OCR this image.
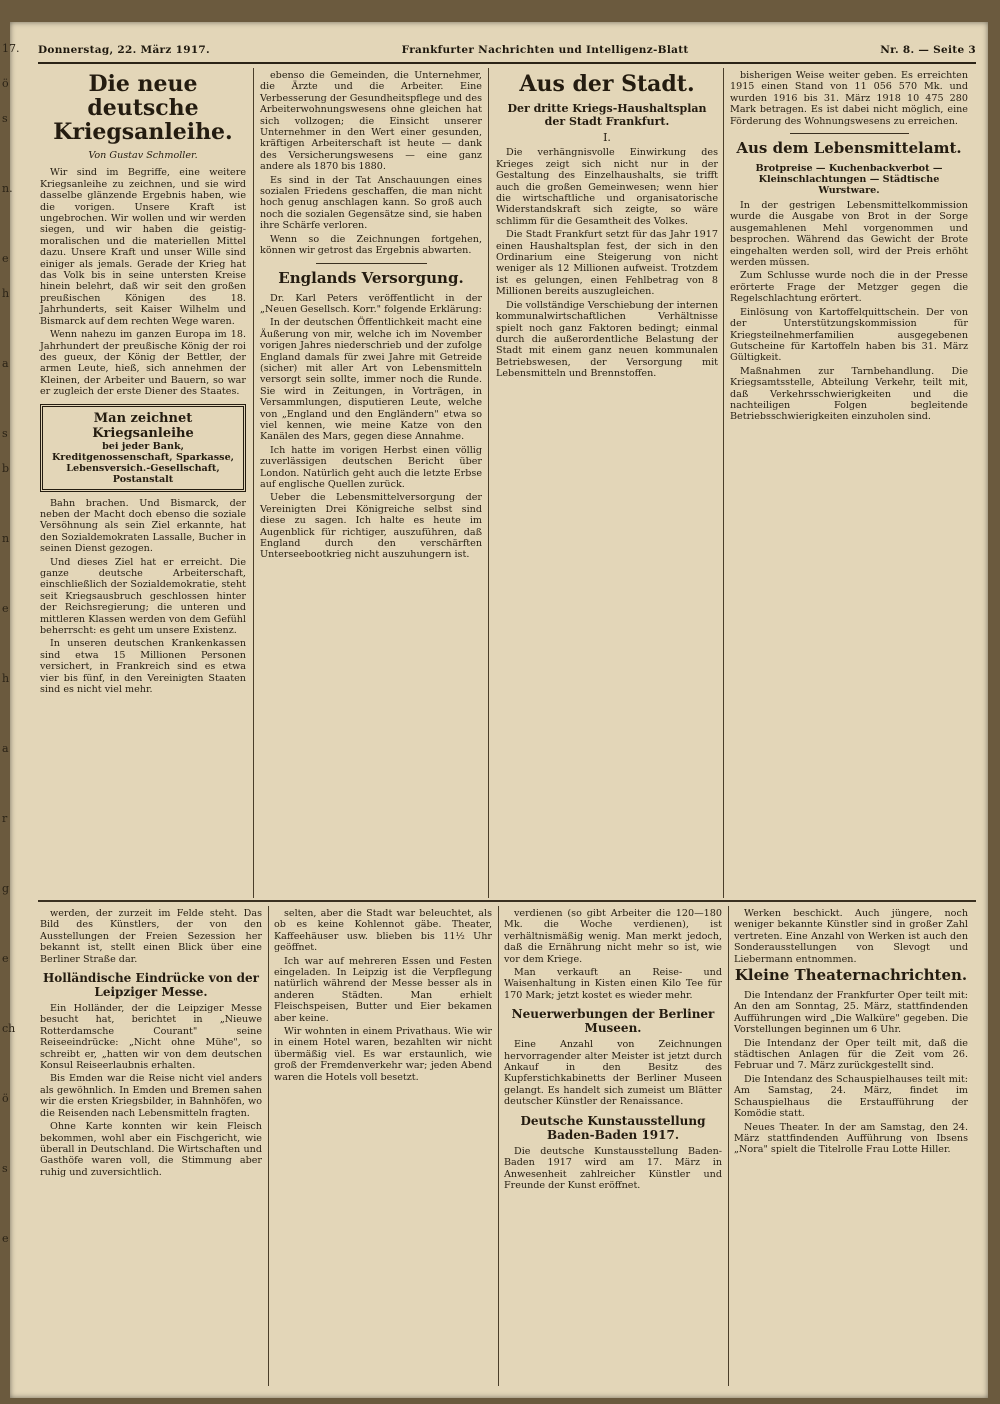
17.
ö
s

n.

e
h

a

s
b

n

e

h

a

r

g

e

ch

ö

s

e
Donnerstag, 22. März 1917.	Frankfurter Nachrichten und Intelligenz-Blatt	Nr. 8. — Seite 3
Die neue deutsche Kriegsanleihe.
Von Gustav Schmoller.

Wir sind im Begriffe, eine weitere Kriegsanleihe zu zeichnen, und sie wird dasselbe glänzende Ergebnis haben, wie die vorigen. Unsere Kraft ist ungebrochen. Wir wollen und wir werden siegen, und wir haben die geistig-moralischen und die materiellen Mittel dazu. Unsere Kraft und unser Wille sind einiger als jemals. Gerade der Krieg hat das Volk bis in seine untersten Kreise hinein belehrt, daß wir seit den großen preußischen Königen des 18. Jahrhunderts, seit Kaiser Wilhelm und Bismarck auf dem rechten Wege waren.

Wenn nahezu im ganzen Europa im 18. Jahrhundert der preußische König der roi des gueux, der König der Bettler, der armen Leute, hieß, sich annehmen der Kleinen, der Arbeiter und Bauern, so war er zugleich der erste Diener des Staates.

Man zeichnet Kriegsanleihe
bei jeder Bank, Kreditgenossenschaft, Sparkasse, Lebensversich.-Gesellschaft, Postanstalt

Bahn brachen. Und Bismarck, der neben der Macht doch ebenso die soziale Versöhnung als sein Ziel erkannte, hat den Sozialdemokraten Lassalle, Bucher in seinen Dienst gezogen.

Und dieses Ziel hat er erreicht. Die ganze deutsche Arbeiterschaft, einschließlich der Sozialdemokratie, steht seit Kriegsausbruch geschlossen hinter der Reichsregierung; die unteren und mittleren Klassen werden von dem Gefühl beherrscht: es geht um unsere Existenz.

In unseren deutschen Krankenkassen sind etwa 15 Millionen Personen versichert, in Frankreich sind es etwa vier bis fünf, in den Vereinigten Staaten sind es nicht viel mehr.

ebenso die Gemeinden, die Unternehmer, die Ärzte und die Arbeiter. Eine Verbesserung der Gesundheitspflege und des Arbeiterwohnungswesens ohne gleichen hat sich vollzogen; die Einsicht unserer Unternehmer in den Wert einer gesunden, kräftigen Arbeiterschaft ist heute — dank des Versicherungswesens — eine ganz andere als 1870 bis 1880.

Es sind in der Tat Anschauungen eines sozialen Friedens geschaffen, die man nicht hoch genug anschlagen kann. So groß auch noch die sozialen Gegensätze sind, sie haben ihre Schärfe verloren.

Wenn so die Zeichnungen fortgehen, können wir getrost das Ergebnis abwarten.

Englands Versorgung.

Dr. Karl Peters veröffentlicht in der „Neuen Gesellsch. Korr." folgende Erklärung:

In der deutschen Öffentlichkeit macht eine Äußerung von mir, welche ich im November vorigen Jahres niederschrieb und der zufolge England damals für zwei Jahre mit Getreide (sicher) mit aller Art von Lebensmitteln versorgt sein sollte, immer noch die Runde. Sie wird in Zeitungen, in Vorträgen, in Versammlungen, disputieren Leute, welche von „England und den Engländern" etwa so viel kennen, wie meine Katze von den Kanälen des Mars, gegen diese Annahme.

Ich hatte im vorigen Herbst einen völlig zuverlässigen deutschen Bericht über London. Natürlich geht auch die letzte Erbse auf englische Quellen zurück.

Ueber die Lebensmittelversorgung der Vereinigten Drei Königreiche selbst sind diese zu sagen. Ich halte es heute im Augenblick für richtiger, auszuführen, daß England durch den verschärften Unterseebootkrieg nicht auszuhungern ist.

Aus der Stadt.
Der dritte Kriegs-Haushaltsplan der Stadt Frankfurt.
I.

Die verhängnisvolle Einwirkung des Krieges zeigt sich nicht nur in der Gestaltung des Einzelhaushalts, sie trifft auch die großen Gemeinwesen; wenn hier die wirtschaftliche und organisatorische Widerstandskraft sich zeigte, so wäre schlimm für die Gesamtheit des Volkes.

Die Stadt Frankfurt setzt für das Jahr 1917 einen Haushaltsplan fest, der sich in den Ordinarium eine Steigerung von nicht weniger als 12 Millionen aufweist. Trotzdem ist es gelungen, einen Fehlbetrag von 8 Millionen bereits auszugleichen.

Die vollständige Verschiebung der internen kommunalwirtschaftlichen Verhältnisse spielt noch ganz Faktoren bedingt; einmal durch die außerordentliche Belastung der Stadt mit einem ganz neuen kommunalen Betriebswesen, der Versorgung mit Lebensmitteln und Brennstoffen.

bisherigen Weise weiter geben. Es erreichten 1915 einen Stand von 11 056 570 Mk. und wurden 1916 bis 31. März 1918 10 475 280 Mark betragen. Es ist dabei nicht möglich, eine Förderung des Wohnungswesens zu erreichen.

Aus dem Lebensmittelamt.
Brotpreise — Kuchenbackverbot — Kleinschlachtungen — Städtische Wurstware.

In der gestrigen Lebensmittelkommission wurde die Ausgabe von Brot in der Sorge ausgemahlenen Mehl vorgenommen und besprochen. Während das Gewicht der Brote eingehalten werden soll, wird der Preis erhöht werden müssen.

Zum Schlusse wurde noch die in der Presse erörterte Frage der Metzger gegen die Regelschlachtung erörtert.

Einlösung von Kartoffelquittschein. Der von der Unterstützungskommission für Kriegsteilnehmerfamilien ausgegebenen Gutscheine für Kartoffeln haben bis 31. März Gültigkeit.

Maßnahmen zur Tarnbehandlung. Die Kriegsamtsstelle, Abteilung Verkehr, teilt mit, daß Verkehrsschwierigkeiten und die nachteiligen Folgen begleitende Betriebsschwierigkeiten einzuholen sind.

werden, der zurzeit im Felde steht. Das Bild des Künstlers, der von den Ausstellungen der Freien Sezession her bekannt ist, stellt einen Blick über eine Berliner Straße dar.

Holländische Eindrücke von der Leipziger Messe.

Ein Holländer, der die Leipziger Messe besucht hat, berichtet in „Nieuwe Rotterdamsche Courant" seine Reiseeindrücke: „Nicht ohne Mühe", so schreibt er, „hatten wir von dem deutschen Konsul Reiseerlaubnis erhalten.

Bis Emden war die Reise nicht viel anders als gewöhnlich. In Emden und Bremen sahen wir die ersten Kriegsbilder, in Bahnhöfen, wo die Reisenden nach Lebensmitteln fragten.

Ohne Karte konnten wir kein Fleisch bekommen, wohl aber ein Fischgericht, wie überall in Deutschland. Die Wirtschaften und Gasthöfe waren voll, die Stimmung aber ruhig und zuversichtlich.

selten, aber die Stadt war beleuchtet, als ob es keine Kohlennot gäbe. Theater, Kaffeehäuser usw. blieben bis 11½ Uhr geöffnet.

Ich war auf mehreren Essen und Festen eingeladen. In Leipzig ist die Verpflegung natürlich während der Messe besser als in anderen Städten. Man erhielt Fleischspeisen, Butter und Eier bekamen aber keine.

Wir wohnten in einem Privathaus. Wie wir in einem Hotel waren, bezahlten wir nicht übermäßig viel. Es war erstaunlich, wie groß der Fremdenverkehr war; jeden Abend waren die Hotels voll besetzt.

verdienen (so gibt Arbeiter die 120—180 Mk. die Woche verdienen), ist verhältnismäßig wenig. Man merkt jedoch, daß die Ernährung nicht mehr so ist, wie vor dem Kriege.

Man verkauft an Reise- und Waisenhaltung in Kisten einen Kilo Tee für 170 Mark; jetzt kostet es wieder mehr.

Neuerwerbungen der Berliner Museen.

Eine Anzahl von Zeichnungen hervorragender alter Meister ist jetzt durch Ankauf in den Besitz des Kupferstichkabinetts der Berliner Museen gelangt. Es handelt sich zumeist um Blätter deutscher Künstler der Renaissance.

Deutsche Kunstausstellung Baden-Baden 1917.

Die deutsche Kunstausstellung Baden-Baden 1917 wird am 17. März in Anwesenheit zahlreicher Künstler und Freunde der Kunst eröffnet.

Werken beschickt. Auch jüngere, noch weniger bekannte Künstler sind in großer Zahl vertreten. Eine Anzahl von Werken ist auch den Sonderausstellungen von Slevogt und Liebermann entnommen.

Kleine Theaternachrichten.

Die Intendanz der Frankfurter Oper teilt mit: An den am Sonntag, 25. März, stattfindenden Aufführungen wird „Die Walküre" gegeben. Die Vorstellungen beginnen um 6 Uhr.

Die Intendanz der Oper teilt mit, daß die städtischen Anlagen für die Zeit vom 26. Februar und 7. März zurückgestellt sind.

Die Intendanz des Schauspielhauses teilt mit: Am Samstag, 24. März, findet im Schauspielhaus die Erstaufführung der Komödie statt.

Neues Theater. In der am Samstag, den 24. März stattfindenden Aufführung von Ibsens „Nora" spielt die Titelrolle Frau Lotte Hiller.
